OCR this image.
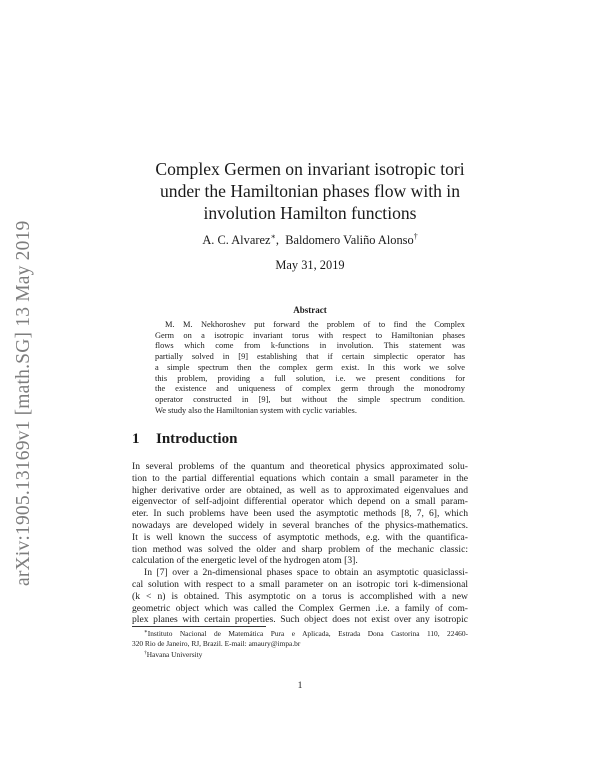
arXiv:1905.13169v1 [math.SG] 13 May 2019
Complex Germen on invariant isotropic tori
under the Hamiltonian phases flow with in
involution Hamilton functions
A. C. Alvarez∗,  Baldomero Valiño Alonso†
May 31, 2019
Abstract
M. M. Nekhoroshev put forward the problem of to find the Complex
Germ on a isotropic invariant torus with respect to Hamiltonian phases
flows which come from k-functions in involution. This statement was
partially solved in [9] establishing that if certain simplectic operator has
a simple spectrum then the complex germ exist. In this work we solve
this problem, providing a full solution, i.e. we present conditions for
the existence and uniqueness of complex germ through the monodromy
operator constructed in [9], but without the simple spectrum condition.
We study also the Hamiltonian system with cyclic variables.
1 Introduction
In several problems of the quantum and theoretical physics approximated solu-
tion to the partial differential equations which contain a small parameter in the
higher derivative order are obtained, as well as to approximated eigenvalues and
eigenvector of self-adjoint differential operator which depend on a small param-
eter. In such problems have been used the asymptotic methods [8, 7, 6], which
nowadays are developed widely in several branches of the physics-mathematics.
It is well known the success of asymptotic methods, e.g. with the quantifica-
tion method was solved the older and sharp problem of the mechanic classic:
calculation of the energetic level of the hydrogen atom [3].
In [7] over a 2n-dimensional phases space to obtain an asymptotic quasiclassi-
cal solution with respect to a small parameter on an isotropic tori k-dimensional
(k < n) is obtained. This asymptotic on a torus is accomplished with a new
geometric object which was called the Complex Germen .i.e. a family of com-
plex planes with certain properties. Such object does not exist over any isotropic
∗Instituto Nacional de Matemática Pura e Aplicada, Estrada Dona Castorina 110, 22460-
320 Rio de Janeiro, RJ, Brazil. E-mail: amaury@impa.br
†Havana University
1
